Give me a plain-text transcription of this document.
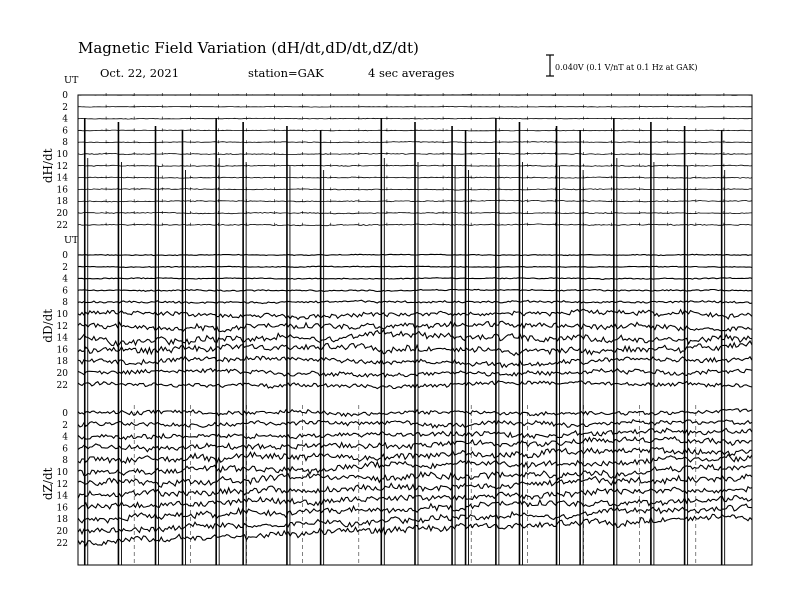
UT
dH/dt
0
2
4
6
8
10
12
14
16
18
20
22
UT
dD/dt
0
2
4
6
8
10
12
14
16
18
20
22
dZ/dt
0
2
4
6
8
10
12
14
16
18
20
22
Magnetic Field Variation (dH/dt,dD/dt,dZ/dt)
Oct. 22, 2021	station=GAK	4 sec averages	0.040V (0.1 V/nT at 0.1 Hz at GAK)
